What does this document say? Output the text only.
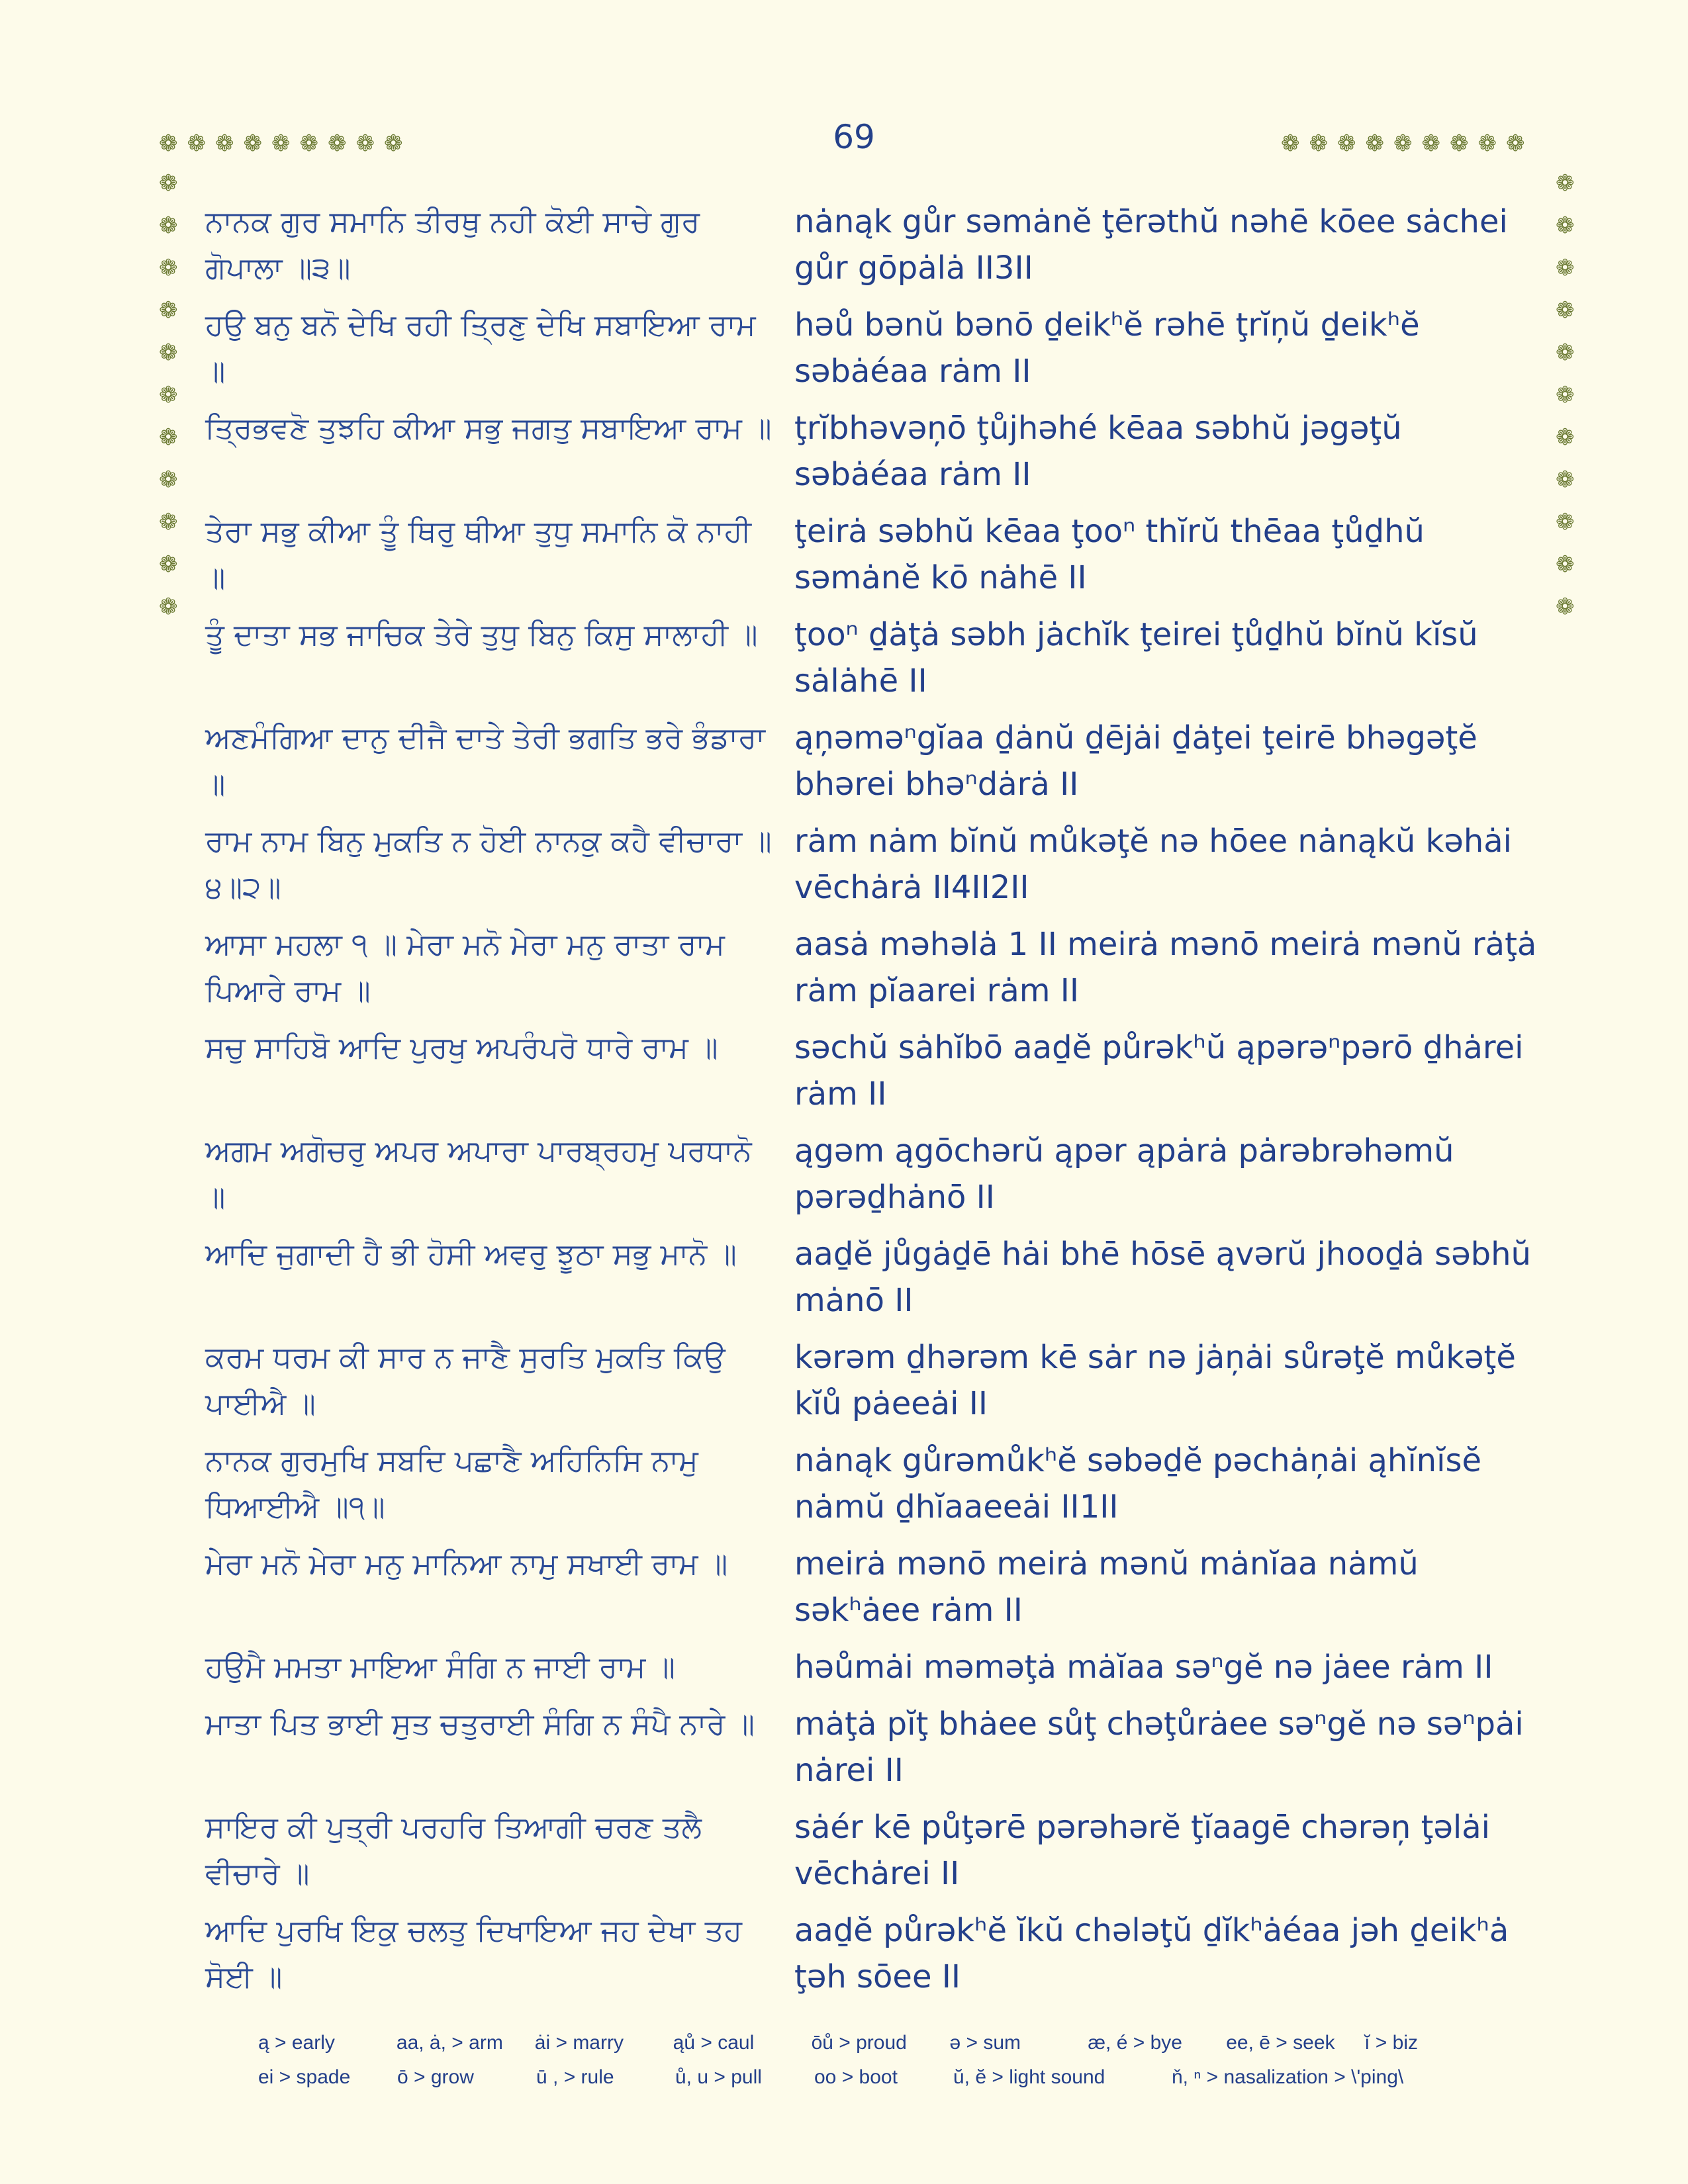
69
❁ ❁ ❁ ❁ ❁ ❁ ❁ ❁ ❁	❁ ❁ ❁ ❁ ❁ ❁ ❁ ❁ ❁
❁
❁
❁
❁
❁
❁
❁
❁
❁
❁
❁
❁
❁
❁
❁
❁
❁
❁
❁
❁
❁
❁
ਨਾਨਕ ਗੁਰ ਸਮਾਨਿ ਤੀਰਥੁ ਨਹੀ ਕੋਈ ਸਾਚੇ ਗੁਰ ਗੋਪਾਲਾ ॥੩॥
nȧnąk gůr səmȧnĕ ţērəthŭ nəhē kōee sȧchei gůr gōpȧlȧ II3II
ਹਉ ਬਨੁ ਬਨੋ ਦੇਖਿ ਰਹੀ ਤ੍ਰਿਣੁ ਦੇਖਿ ਸਬਾਇਆ ਰਾਮ ॥
həů bənŭ bənō ḏeikʰĕ rəhē ţrĭņŭ ḏeikʰĕ səbȧéaa rȧm II
ਤ੍ਰਿਭਵਣੋ ਤੁਝਹਿ ਕੀਆ ਸਭੁ ਜਗਤੁ ਸਬਾਇਆ ਰਾਮ ॥ ţrĭbhəvəņō ţůjhəhé kēaa səbhŭ jəgəţŭ səbȧéaa rȧm II
ਤੇਰਾ ਸਭੁ ਕੀਆ ਤੂੰ ਥਿਰੁ ਥੀਆ ਤੁਧੁ ਸਮਾਨਿ ਕੋ ਨਾਹੀ ॥
ţeirȧ səbhŭ kēaa ţooⁿ thĭrŭ thēaa ţůḏhŭ səmȧnĕ kō nȧhē II
ਤੂੰ ਦਾਤਾ ਸਭ ਜਾਚਿਕ ਤੇਰੇ ਤੁਧੁ ਬਿਨੁ ਕਿਸੁ ਸਾਲਾਹੀ ॥	ţooⁿ ḏȧţȧ səbh jȧchĭk ţeirei ţůḏhŭ bĭnŭ kĭsŭ sȧlȧhē II
ਅਣਮੰਗਿਆ ਦਾਨੁ ਦੀਜੈ ਦਾਤੇ ਤੇਰੀ ਭਗਤਿ ਭਰੇ ਭੰਡਾਰਾ ॥
ąņəməⁿgĭaa ḏȧnŭ ḏējȧi ḏȧţei ţeirē bhəgəţĕ bhərei bhəⁿdȧrȧ II
ਰਾਮ ਨਾਮ ਬਿਨੁ ਮੁਕਤਿ ਨ ਹੋਈ ਨਾਨਕੁ ਕਹੈ ਵੀਚਾਰਾ ॥੪॥੨॥
rȧm nȧm bĭnŭ můkəţĕ nə hōee nȧnąkŭ kəhȧi vēchȧrȧ II4II2II
ਆਸਾ ਮਹਲਾ ੧ ॥ ਮੇਰਾ ਮਨੋ ਮੇਰਾ ਮਨੁ ਰਾਤਾ ਰਾਮ ਪਿਆਰੇ ਰਾਮ ॥
aasȧ məhəlȧ 1 II meirȧ mənō meirȧ mənŭ rȧţȧ rȧm pĭaarei rȧm II
ਸਚੁ ਸਾਹਿਬੋ ਆਦਿ ਪੁਰਖੁ ਅਪਰੰਪਰੋ ਧਾਰੇ ਰਾਮ ॥	səchŭ sȧhĭbō aaḏĕ půrəkʰŭ ąpərəⁿpərō ḏhȧrei rȧm II
ਅਗਮ ਅਗੋਚਰੁ ਅਪਰ ਅਪਾਰਾ ਪਾਰਬ੍ਰਹਮੁ ਪਰਧਾਨੋ ॥
ągəm ągōchərŭ ąpər ąpȧrȧ pȧrəbrəhəmŭ pərəḏhȧnō II
ਆਦਿ ਜੁਗਾਦੀ ਹੈ ਭੀ ਹੋਸੀ ਅਵਰੁ ਝੂਠਾ ਸਭੁ ਮਾਨੋ ॥	aaḏĕ jůgȧḏē hȧi bhē hōsē ąvərŭ jhooḏȧ səbhŭ mȧnō II
ਕਰਮ ਧਰਮ ਕੀ ਸਾਰ ਨ ਜਾਣੈ ਸੁਰਤਿ ਮੁਕਤਿ ਕਿਉ ਪਾਈਐ ॥
kərəm ḏhərəm kē sȧr nə jȧņȧi sůrəţĕ můkəţĕ kĭů pȧeeȧi II
ਨਾਨਕ ਗੁਰਮੁਖਿ ਸਬਦਿ ਪਛਾਣੈ ਅਹਿਨਿਸਿ ਨਾਮੁ ਧਿਆਈਐ ॥੧॥
nȧnąk gůrəmůkʰĕ səbəḏĕ pəchȧņȧi ąhĭnĭsĕ nȧmŭ ḏhĭaaeeȧi II1II
ਮੇਰਾ ਮਨੋ ਮੇਰਾ ਮਨੁ ਮਾਨਿਆ ਨਾਮੁ ਸਖਾਈ ਰਾਮ ॥	meirȧ mənō meirȧ mənŭ mȧnĭaa nȧmŭ səkʰȧee rȧm II
ਹਉਮੈ ਮਮਤਾ ਮਾਇਆ ਸੰਗਿ ਨ ਜਾਈ ਰਾਮ ॥	həůmȧi məməţȧ mȧĭaa səⁿgĕ nə jȧee rȧm II
ਮਾਤਾ ਪਿਤ ਭਾਈ ਸੁਤ ਚਤੁਰਾਈ ਸੰਗਿ ਨ ਸੰਪੈ ਨਾਰੇ ॥	mȧţȧ pĭţ bhȧee sůţ chəţůrȧee səⁿgĕ nə səⁿpȧi nȧrei II
ਸਾਇਰ ਕੀ ਪੁਤ੍ਰੀ ਪਰਹਰਿ ਤਿਆਗੀ ਚਰਣ ਤਲੈ ਵੀਚਾਰੇ ॥
sȧér kē půţərē pərəhərĕ ţĭaagē chərəņ ţəlȧi vēchȧrei II
ਆਦਿ ਪੁਰਖਿ ਇਕੁ ਚਲਤੁ ਦਿਖਾਇਆ ਜਹ ਦੇਖਾ ਤਹ ਸੋਈ ॥
aaḏĕ půrəkʰĕ ĭkŭ chələţŭ ḏĭkʰȧéaa jəh ḏeikʰȧ ţəh sōee II
ą > early	aa, ȧ, > arm	ȧi > marry	ąů > caul	ōů > proud	ə > sum	æ, é > bye	ee, ē > seek	ĭ > biz
ei > spade	ō > grow	ū , > rule	ů, u > pull	oo > boot	ŭ, ĕ > light sound	ň, ⁿ > nasalization > \'ping\
